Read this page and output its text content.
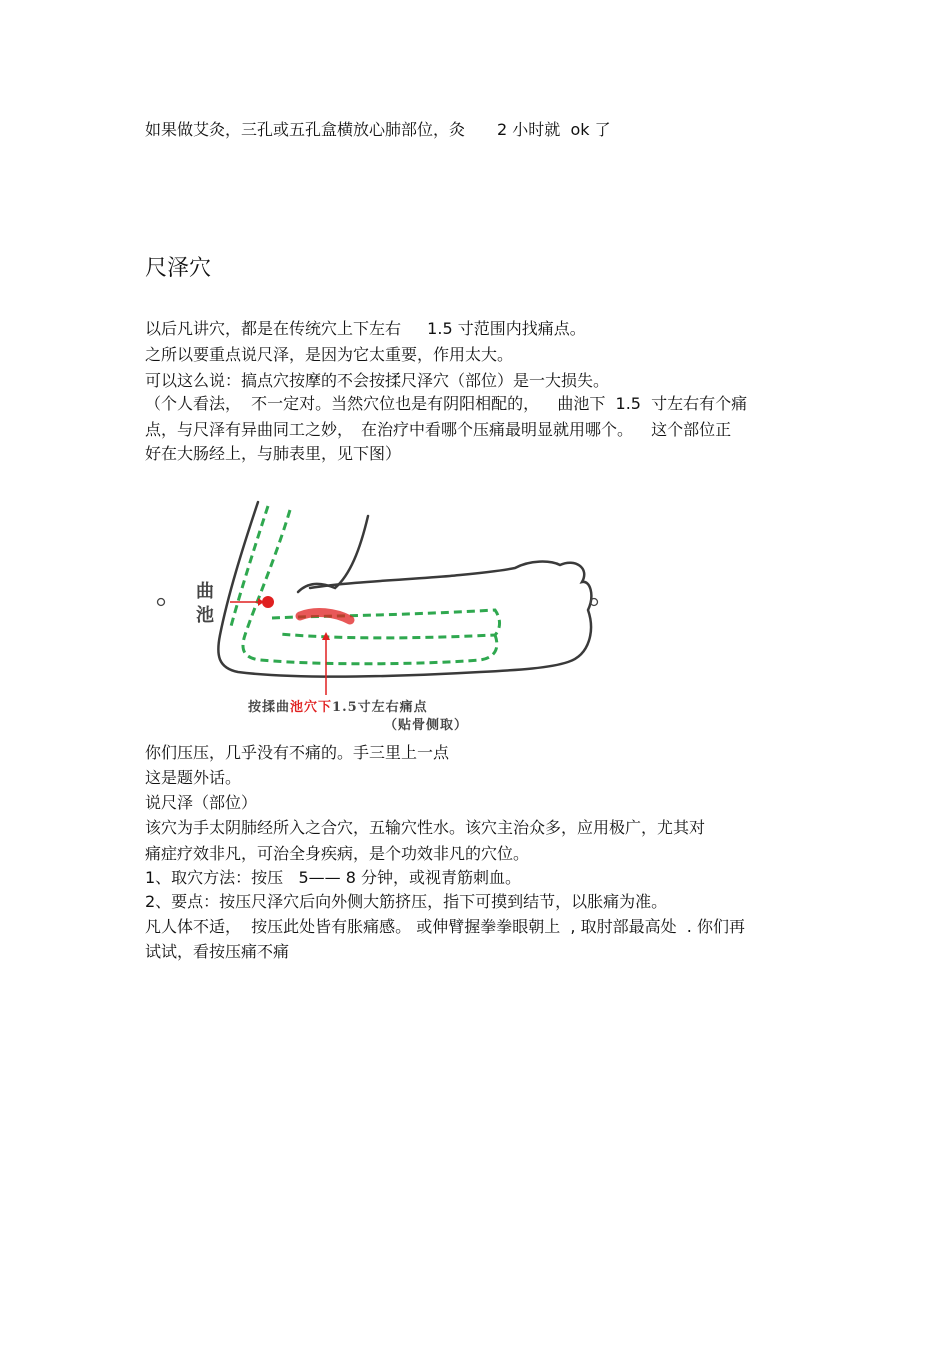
如果做艾灸，三孔或五孔盒横放心肺部位，灸　　2 小时就  ok 了

尺泽穴

以后凡讲穴，都是在传统穴上下左右　  1.5 寸范围内找痛点。

之所以要重点说尺泽，是因为它太重要，作用太大。

可以这么说：搞点穴按摩的不会按揉尺泽穴（部位）是一大损失。

（个人看法，  不一定对。当然穴位也是有阴阳相配的，　  曲池下  1.5  寸左右有个痛

点，与尺泽有异曲同工之妙，　在治疗中看哪个压痛最明显就用哪个。　  这个部位正

好在大肠经上，与肺表里，见下图）

曲池
按揉曲池穴下1.5寸左右痛点
（贴骨侧取）

你们压压，几乎没有不痛的。手三里上一点

这是题外话。

说尺泽（部位）

该穴为手太阴肺经所入之合穴，五输穴性水。该穴主治众多，应用极广，尤其对

痛症疗效非凡，可治全身疾病，是个功效非凡的穴位。

1、取穴方法：按压   5—— 8 分钟，或视青筋刺血。

2、要点：按压尺泽穴后向外侧大筋挤压，指下可摸到结节，以胀痛为准。

凡人体不适，  按压此处皆有胀痛感。 或伸臂握拳拳眼朝上  , 取肘部最高处  . 你们再

试试，看按压痛不痛
